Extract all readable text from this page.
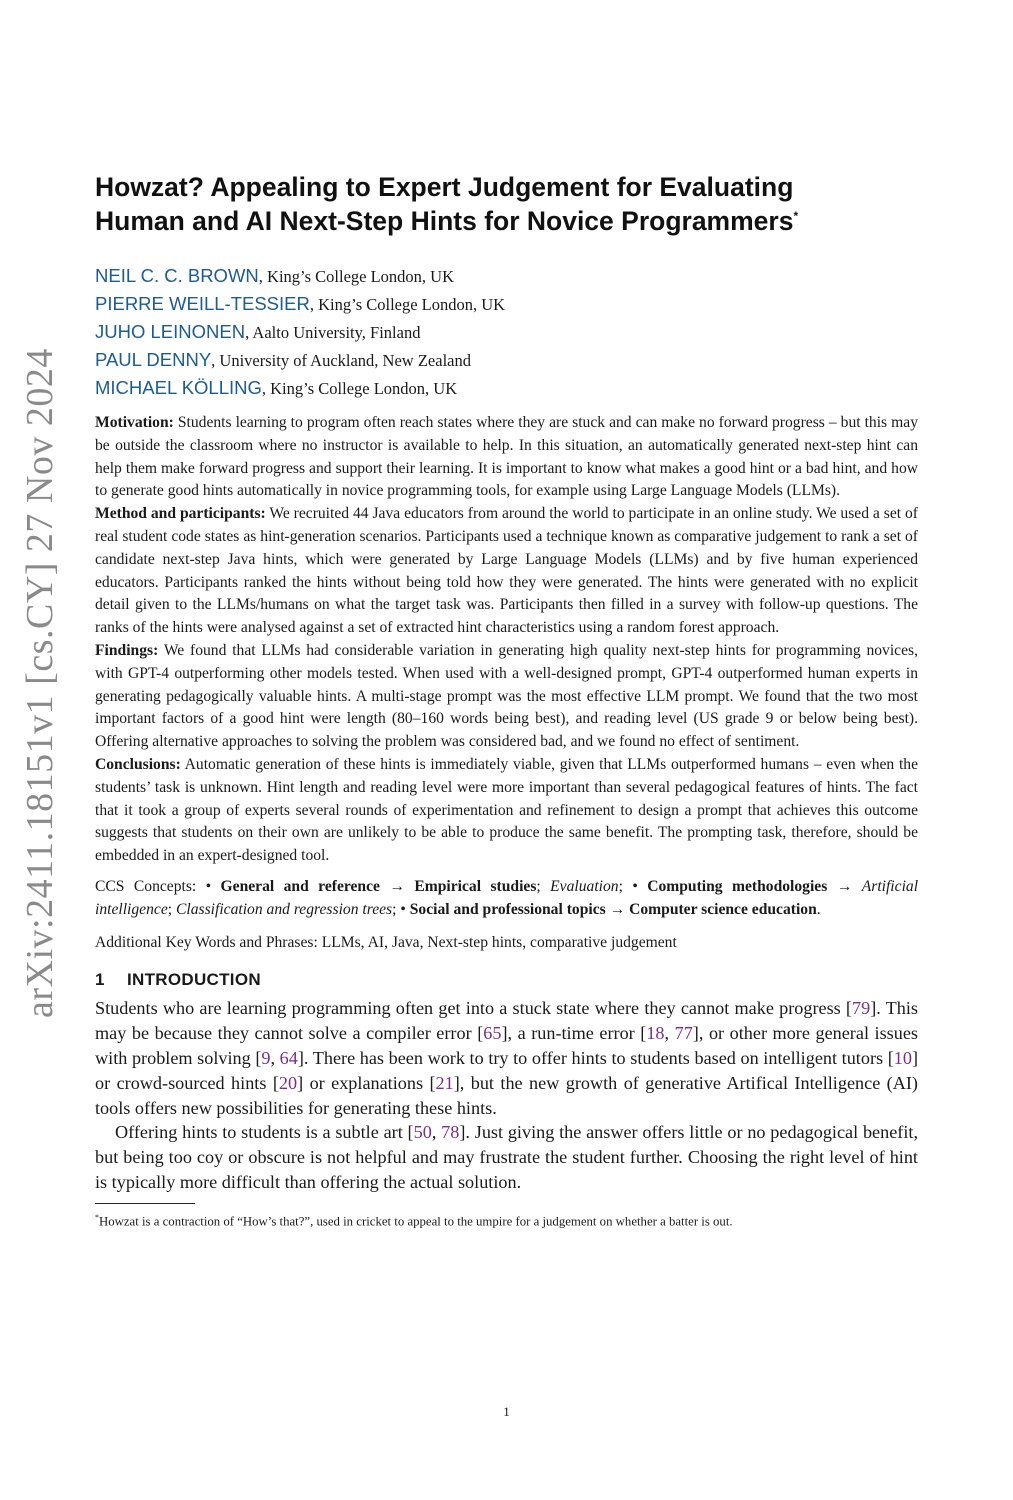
arXiv:2411.18151v1 [cs.CY] 27 Nov 2024
Howzat? Appealing to Expert Judgement for Evaluating
Human and AI Next-Step Hints for Novice Programmers*
NEIL C. C. BROWN, King’s College London, UK
PIERRE WEILL-TESSIER, King’s College London, UK
JUHO LEINONEN, Aalto University, Finland
PAUL DENNY, University of Auckland, New Zealand
MICHAEL KÖLLING, King’s College London, UK

Motivation: Students learning to program often reach states where they are stuck and can make no forward progress – but this may be outside the classroom where no instructor is available to help. In this situation, an automatically generated next-step hint can help them make forward progress and support their learning. It is important to know what makes a good hint or a bad hint, and how to generate good hints automatically in novice programming tools, for example using Large Language Models (LLMs).

Method and participants: We recruited 44 Java educators from around the world to participate in an online study. We used a set of real student code states as hint-generation scenarios. Participants used a technique known as comparative judgement to rank a set of candidate next-step Java hints, which were generated by Large Language Models (LLMs) and by five human experienced educators. Participants ranked the hints without being told how they were generated. The hints were generated with no explicit detail given to the LLMs/humans on what the target task was. Participants then filled in a survey with follow-up questions. The ranks of the hints were analysed against a set of extracted hint characteristics using a random forest approach.

Findings: We found that LLMs had considerable variation in generating high quality next-step hints for programming novices, with GPT-4 outperforming other models tested. When used with a well-designed prompt, GPT-4 outperformed human experts in generating pedagogically valuable hints. A multi-stage prompt was the most effective LLM prompt. We found that the two most important factors of a good hint were length (80–160 words being best), and reading level (US grade 9 or below being best). Offering alternative approaches to solving the problem was considered bad, and we found no effect of sentiment.

Conclusions: Automatic generation of these hints is immediately viable, given that LLMs outperformed humans – even when the students’ task is unknown. Hint length and reading level were more important than several pedagogical features of hints. The fact that it took a group of experts several rounds of experimentation and refinement to design a prompt that achieves this outcome suggests that students on their own are unlikely to be able to produce the same benefit. The prompting task, therefore, should be embedded in an expert-designed tool.

CCS Concepts: • General and reference → Empirical studies; Evaluation; • Computing methodologies → Artificial intelligence; Classification and regression trees; • Social and professional topics → Computer science education.
Additional Key Words and Phrases: LLMs, AI, Java, Next-step hints, comparative judgement
1 INTRODUCTION

Students who are learning programming often get into a stuck state where they cannot make progress [79]. This may be because they cannot solve a compiler error [65], a run-time error [18, 77], or other more general issues with problem solving [9, 64]. There has been work to try to offer hints to students based on intelligent tutors [10] or crowd-sourced hints [20] or explanations [21], but the new growth of generative Artifical Intelligence (AI) tools offers new possibilities for generating these hints.

Offering hints to students is a subtle art [50, 78]. Just giving the answer offers little or no pedagogical benefit, but being too coy or obscure is not helpful and may frustrate the student further. Choosing the right level of hint is typically more difficult than offering the actual solution.

*Howzat is a contraction of “How’s that?”, used in cricket to appeal to the umpire for a judgement on whether a batter is out.
1
